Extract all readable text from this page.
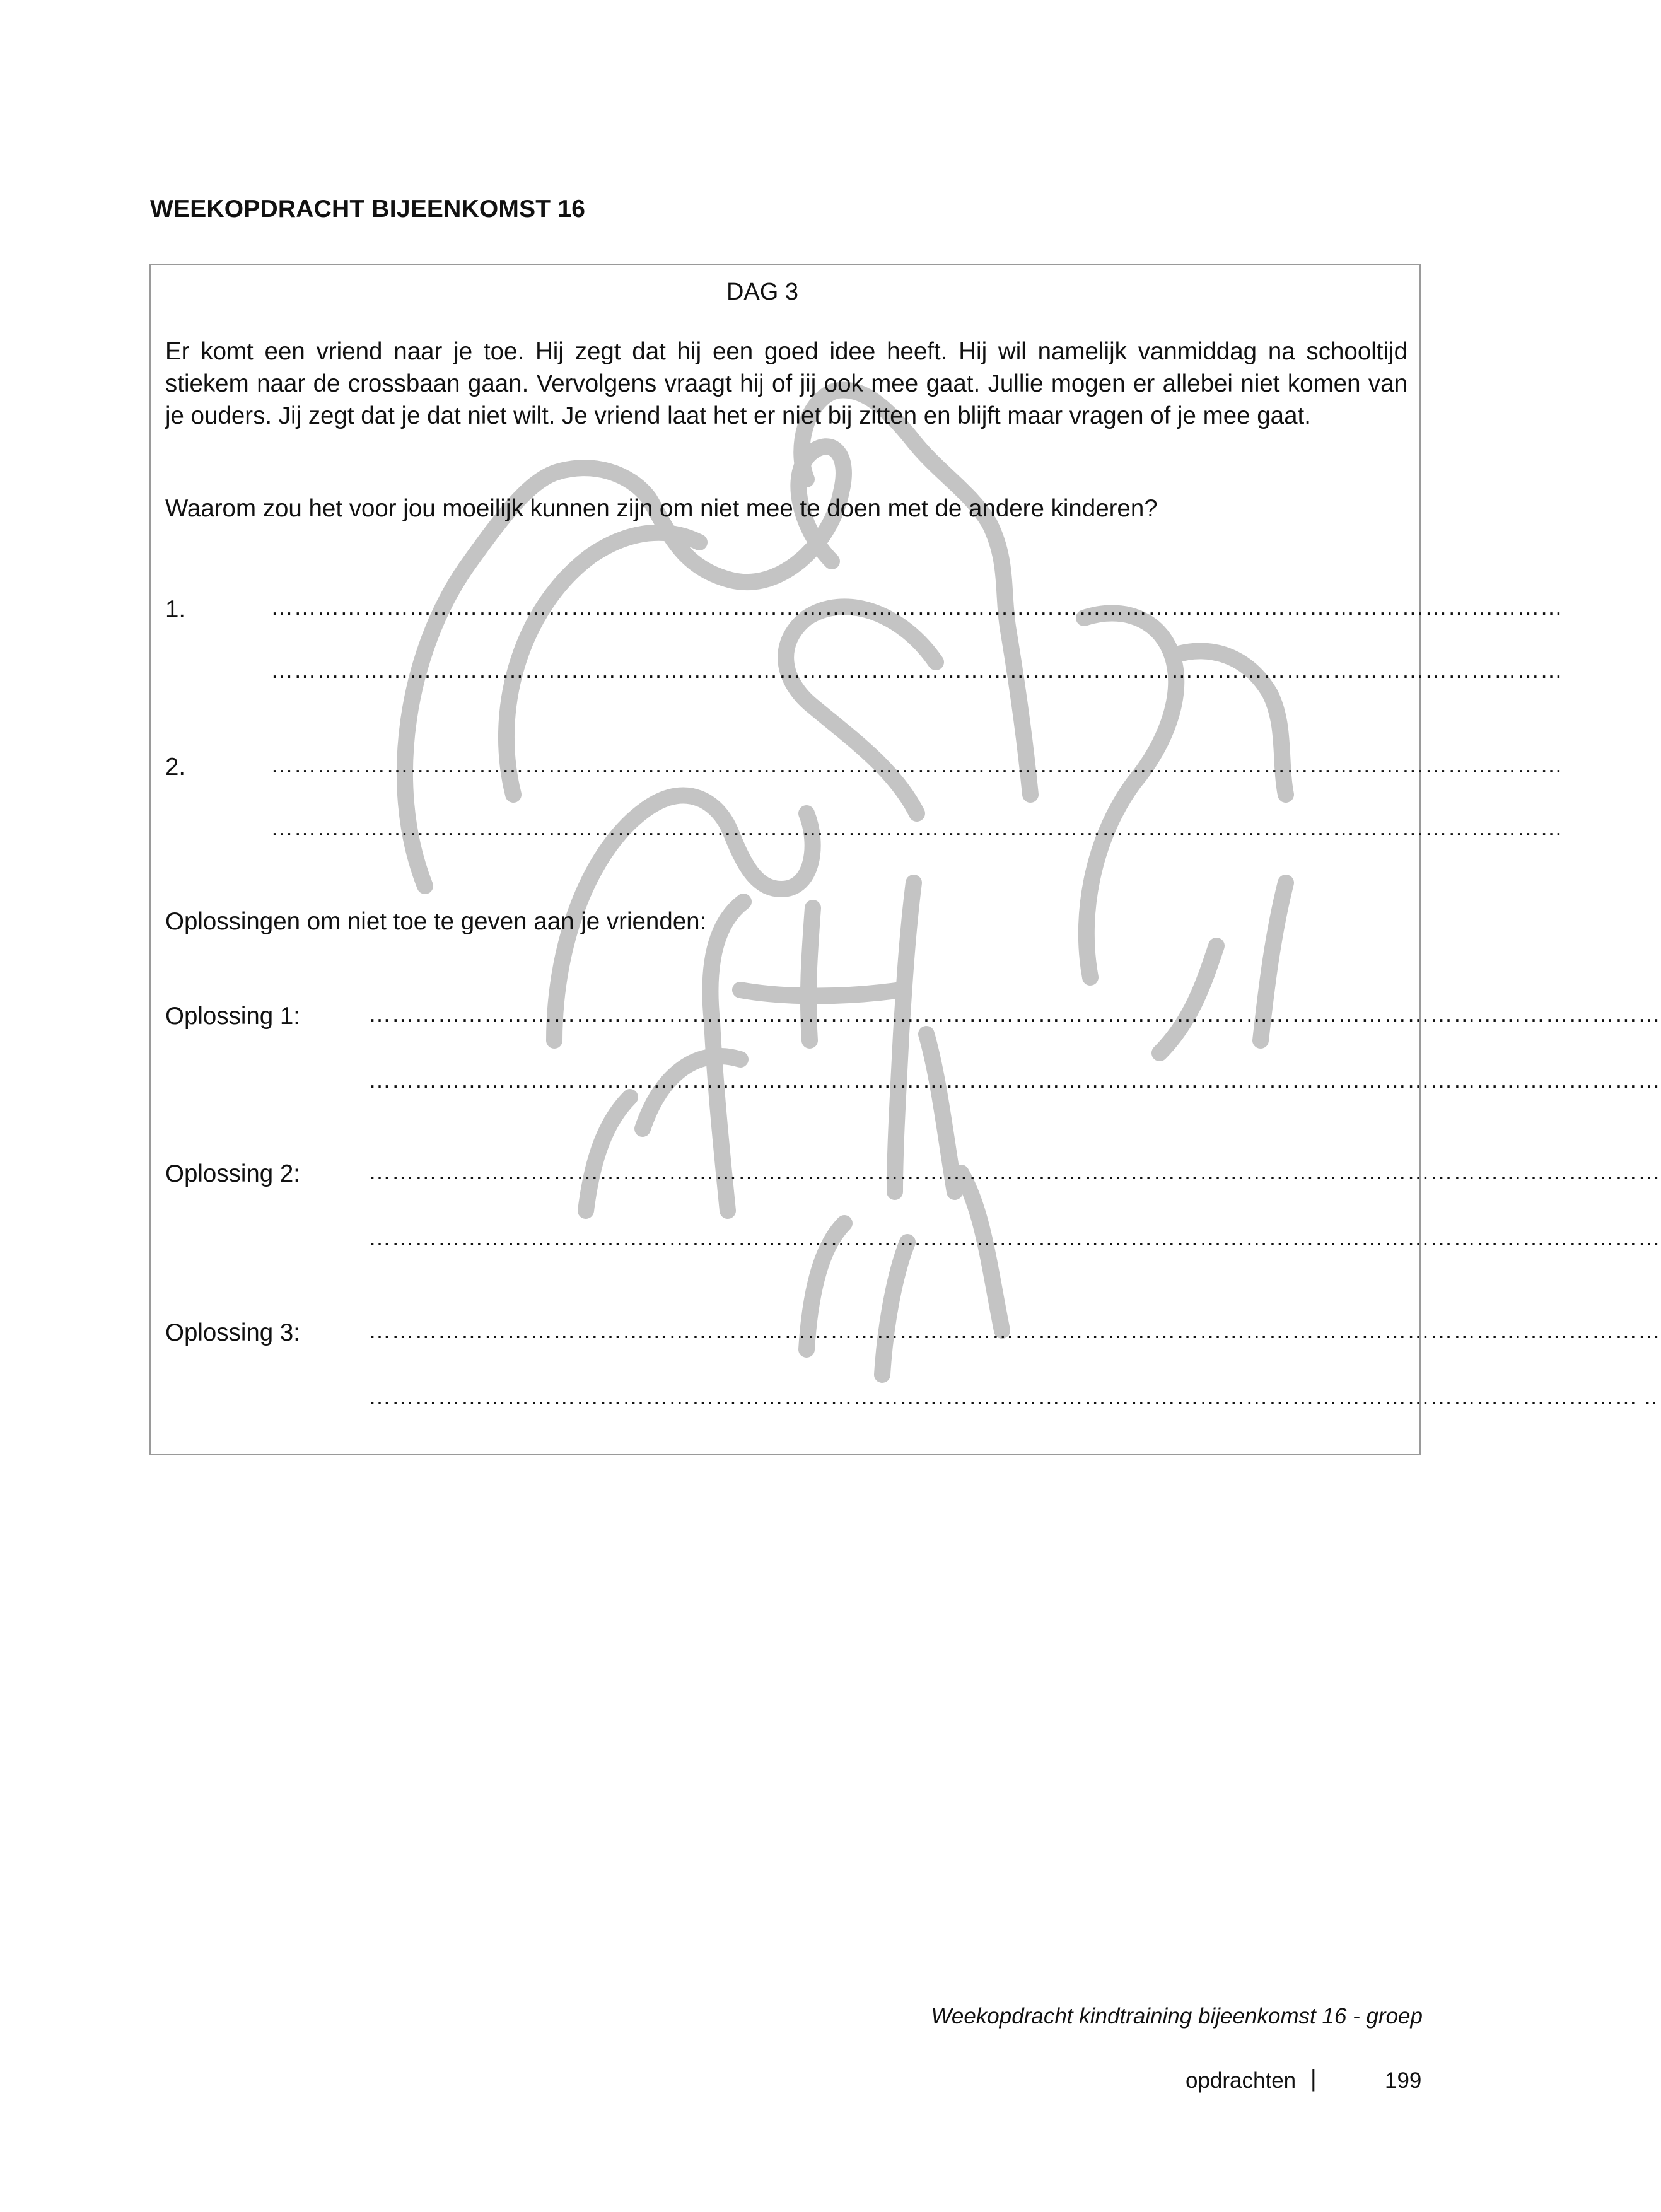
WEEKOPDRACHT BIJEENKOMST 16
DAG 3

Er komt een vriend naar je toe. Hij zegt dat hij een goed idee heeft. Hij wil namelijk vanmiddag na schooltijd stiekem naar de crossbaan gaan. Vervolgens vraagt hij of jij ook mee gaat. Jullie mogen er allebei niet komen van je ouders. Jij zegt dat je dat niet wilt. Je vriend laat het er niet bij zitten en blijft maar vragen of je mee gaat.

Waarom zou het voor jou moeilijk kunnen zijn om niet mee te doen met de andere kinderen?

1.	……………………………………………………………………………………………………………………………………………………
……………………………………………………………………………………………………………………………………………………
2.	……………………………………………………………………………………………………………………………………………………
……………………………………………………………………………………………………………………………………………………

Oplossingen om niet toe te geven aan je vrienden:

Oplossing 1:	……………………………………………………………………………………………………………………………………………………
……………………………………………………………………………………………………………………………………………………
Oplossing 2:	……………………………………………………………………………………………………………………………………………………
……………………………………………………………………………………………………………………………………………………
Oplossing 3:	……………………………………………………………………………………………………………………………………………………
………………………………………………………………………………………………………………………………………………… ..
Weekopdracht kindtraining bijeenkomst 16 - groep
opdrachten |	199
